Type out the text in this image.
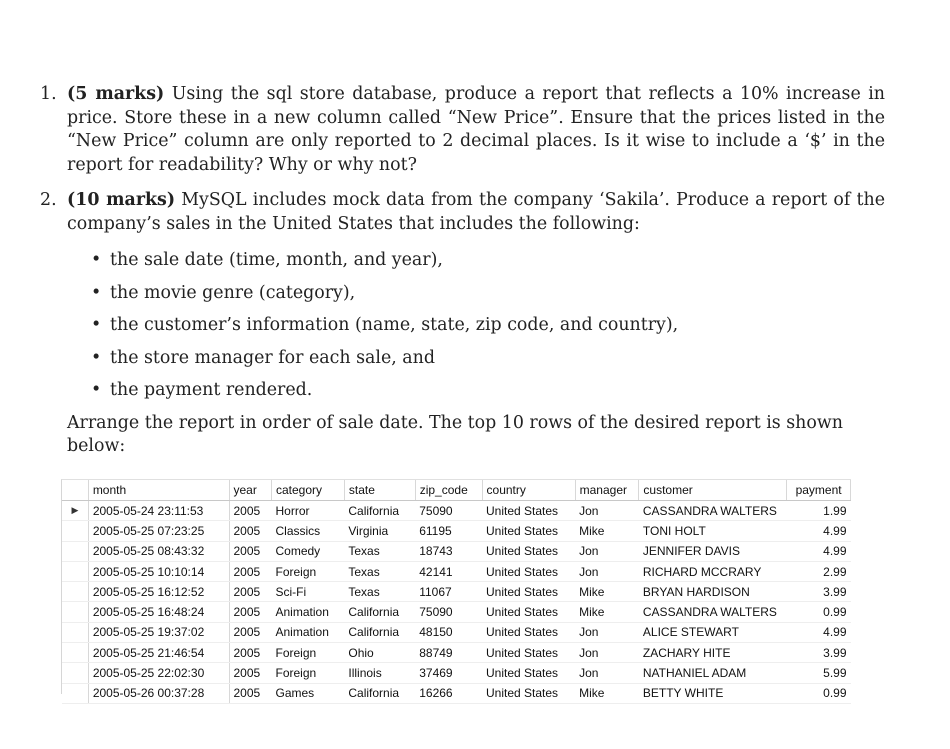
1. (5 marks) Using the sql store database, produce a report that reflects a 10% increase in price. Store these in a new column called “New Price”. Ensure that the prices listed in the “New Price” column are only reported to 2 decimal places. Is it wise to include a ‘$’ in the report for readability? Why or why not?
2. (10 marks) MySQL includes mock data from the company ‘Sakila’. Produce a report of the company’s sales in the United States that includes the following:
• the sale date (time, month, and year),
• the movie genre (category),
• the customer’s information (name, state, zip code, and country),
• the store manager for each sale, and
• the payment rendered.
Arrange the report in order of sale date. The top 10 rows of the desired report is shown below:
	month	year	category	state	zip_code	country	manager	customer	payment
▶	2005-05-24 23:11:53	2005	Horror	California	75090	United States	Jon	CASSANDRA WALTERS	1.99
	2005-05-25 07:23:25	2005	Classics	Virginia	61195	United States	Mike	TONI HOLT	4.99
	2005-05-25 08:43:32	2005	Comedy	Texas	18743	United States	Jon	JENNIFER DAVIS	4.99
	2005-05-25 10:10:14	2005	Foreign	Texas	42141	United States	Jon	RICHARD MCCRARY	2.99
	2005-05-25 16:12:52	2005	Sci-Fi	Texas	11067	United States	Mike	BRYAN HARDISON	3.99
	2005-05-25 16:48:24	2005	Animation	California	75090	United States	Mike	CASSANDRA WALTERS	0.99
	2005-05-25 19:37:02	2005	Animation	California	48150	United States	Jon	ALICE STEWART	4.99
	2005-05-25 21:46:54	2005	Foreign	Ohio	88749	United States	Jon	ZACHARY HITE	3.99
	2005-05-25 22:02:30	2005	Foreign	Illinois	37469	United States	Jon	NATHANIEL ADAM	5.99
	2005-05-26 00:37:28	2005	Games	California	16266	United States	Mike	BETTY WHITE	0.99
